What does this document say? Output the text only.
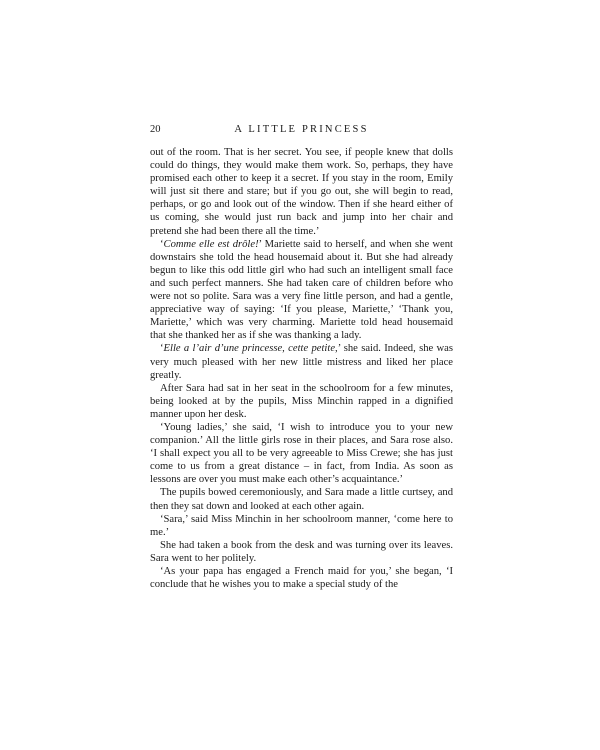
20	A LITTLE PRINCESS

out of the room. That is her secret. You see, if people knew that dolls could do things, they would make them work. So, perhaps, they have promised each other to keep it a secret. If you stay in the room, Emily will just sit there and stare; but if you go out, she will begin to read, perhaps, or go and look out of the window. Then if she heard either of us coming, she would just run back and jump into her chair and pretend she had been there all the time.’

‘Comme elle est drôle!’ Mariette said to herself, and when she went downstairs she told the head housemaid about it. But she had already begun to like this odd little girl who had such an intelligent small face and such perfect manners. She had taken care of children before who were not so polite. Sara was a very fine little person, and had a gentle, appreciative way of saying: ‘If you please, Mariette,’ ‘Thank you, Mariette,’ which was very charming. Mariette told head housemaid that she thanked her as if she was thanking a lady.

‘Elle a l’air d’une princesse, cette petite,’ she said. Indeed, she was very much pleased with her new little mistress and liked her place greatly.

After Sara had sat in her seat in the schoolroom for a few minutes, being looked at by the pupils, Miss Minchin rapped in a dignified manner upon her desk.

‘Young ladies,’ she said, ‘I wish to introduce you to your new companion.’ All the little girls rose in their places, and Sara rose also. ‘I shall expect you all to be very agreeable to Miss Crewe; she has just come to us from a great distance – in fact, from India. As soon as lessons are over you must make each other’s acquaintance.’

The pupils bowed ceremoniously, and Sara made a little curtsey, and then they sat down and looked at each other again.

‘Sara,’ said Miss Minchin in her schoolroom manner, ‘come here to me.’

She had taken a book from the desk and was turning over its leaves. Sara went to her politely.

‘As your papa has engaged a French maid for you,’ she began, ‘I conclude that he wishes you to make a special study of the
